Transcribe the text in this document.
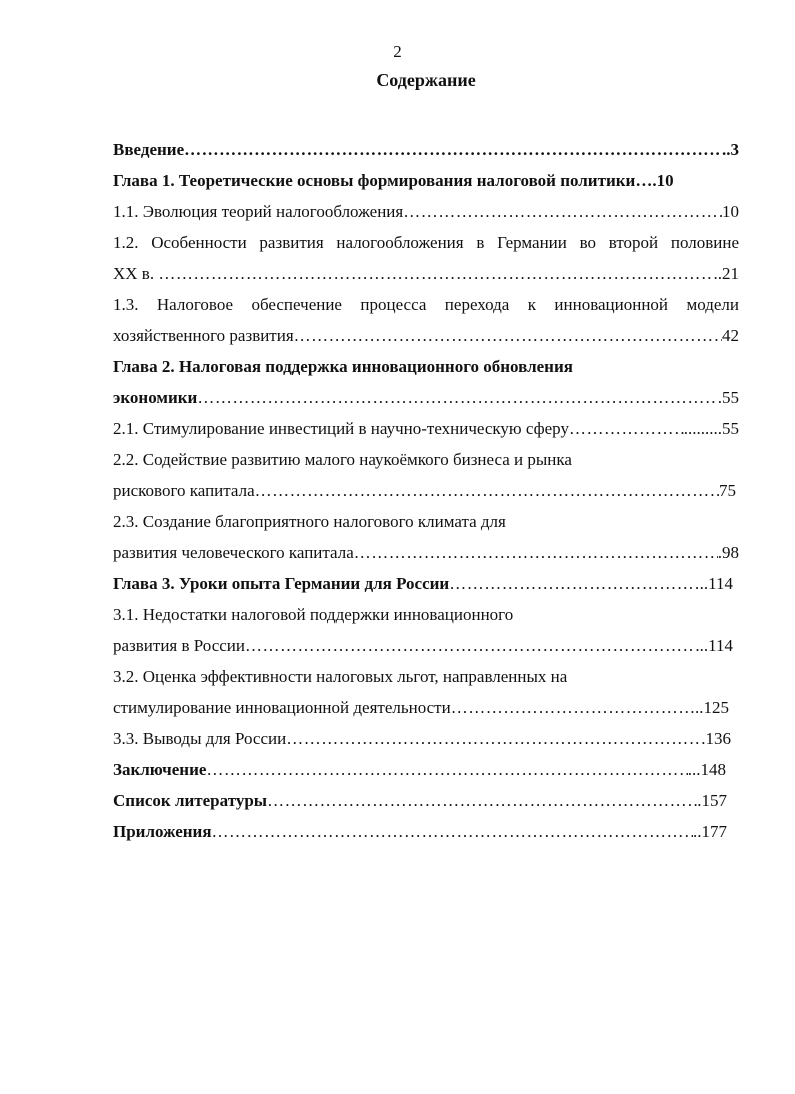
2
Содержание
Введение ……………………………………………………………………………………………………………………………………………………………	..3
Глава 1. Теоретические основы формирования налоговой политики ….10
1.1. Эволюция теорий налогообложения ……………………………………………………………………………………………………………………………………………………………	10
1.2. Особенности развития налогообложения в Германии во второй половине
XX в. ……………………………………………………………………………………………………………………………………………………………	..21
1.3. Налоговое обеспечение процесса перехода к инновационной модели
хозяйственного развития ……………………………………………………………………………………………………………………………………………………………	42
Глава 2. Налоговая поддержка инновационного обновления
экономики ……………………………………………………………………………………………………………………………………………………………	.55
2.1. Стимулирование инвестиций в научно-техническую сферу ……………………………………………………………………………………………………………………………………………………………	.........55
2.2. Содействие развитию малого наукоёмкого бизнеса и рынка
рискового капитала ……………………………………………………………………………………………………………………………………………………………	75
2.3. Создание благоприятного налогового климата для
развития человеческого капитала ……………………………………………………………………………………………………………………………………………………………	.98
Глава 3. Уроки опыта Германии для России ……………………………………………………………………………………………………………………………………………………………	..114
3.1. Недостатки налоговой поддержки инновационного
развития в России ……………………………………………………………………………………………………………………………………………………………	...114
3.2. Оценка эффективности налоговых льгот, направленных на
стимулирование инновационной деятельности ……………………………………………………………………………………………………………………………………………………………	..125
3.3. Выводы для России ……………………………………………………………………………………………………………………………………………………………	.136
Заключение ……………………………………………………………………………………………………………………………………………………………	...148
Список литературы ……………………………………………………………………………………………………………………………………………………………	.157
Приложения ……………………………………………………………………………………………………………………………………………………………	..177
